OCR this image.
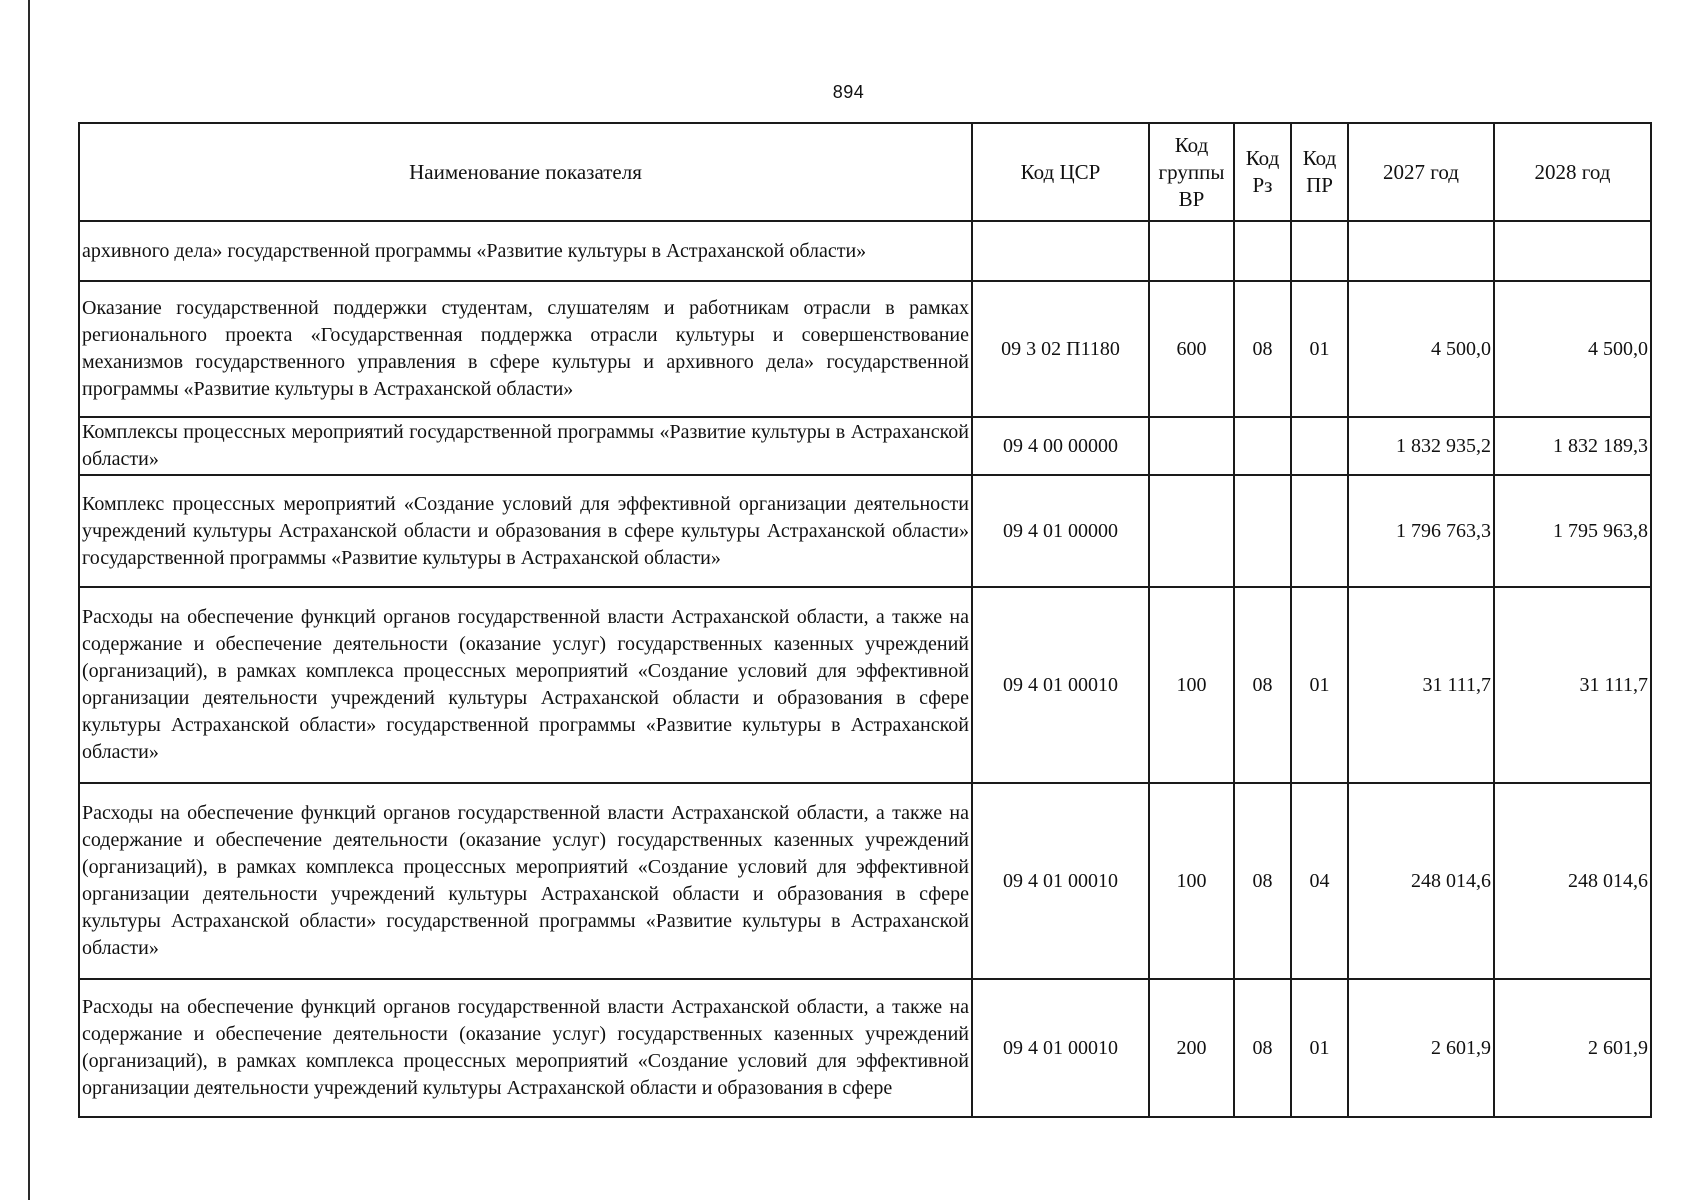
894
Наименование показателя	Код ЦСР	Код группы ВР	Код Рз	Код ПР	2027 год	2028 год
архивного дела» государственной программы «Развитие культуры в Астраханской области»						
Оказание государственной поддержки студентам, слушателям и работникам отрасли в рамках регионального проекта «Государственная поддержка отрасли культуры и совершенствование механизмов государственного управления в сфере культуры и архивного дела» государственной программы «Развитие культуры в Астраханской области»	09 3 02 П1180	600	08	01	4 500,0	4 500,0
Комплексы процессных мероприятий государственной программы «Развитие культуры в Астраханской области»	09 4 00 00000				1 832 935,2	1 832 189,3
Комплекс процессных мероприятий «Создание условий для эффективной организации деятельности учреждений культуры Астраханской области и образования в сфере культуры Астраханской области» государственной программы «Развитие культуры в Астраханской области»	09 4 01 00000				1 796 763,3	1 795 963,8
Расходы на обеспечение функций органов государственной власти Астраханской области, а также на содержание и обеспечение деятельности (оказание услуг) государственных казенных учреждений (организаций), в рамках комплекса процессных мероприятий «Создание условий для эффективной организации деятельности учреждений культуры Астраханской области и образования в сфере культуры Астраханской области» государственной программы «Развитие культуры в Астраханской области»	09 4 01 00010	100	08	01	31 111,7	31 111,7
Расходы на обеспечение функций органов государственной власти Астраханской области, а также на содержание и обеспечение деятельности (оказание услуг) государственных казенных учреждений (организаций), в рамках комплекса процессных мероприятий «Создание условий для эффективной организации деятельности учреждений культуры Астраханской области и образования в сфере культуры Астраханской области» государственной программы «Развитие культуры в Астраханской области»	09 4 01 00010	100	08	04	248 014,6	248 014,6
Расходы на обеспечение функций органов государственной власти Астраханской области, а также на содержание и обеспечение деятельности (оказание услуг) государственных казенных учреждений (организаций), в рамках комплекса процессных мероприятий «Создание условий для эффективной организации деятельности учреждений культуры Астраханской области и образования в сфере	09 4 01 00010	200	08	01	2 601,9	2 601,9
